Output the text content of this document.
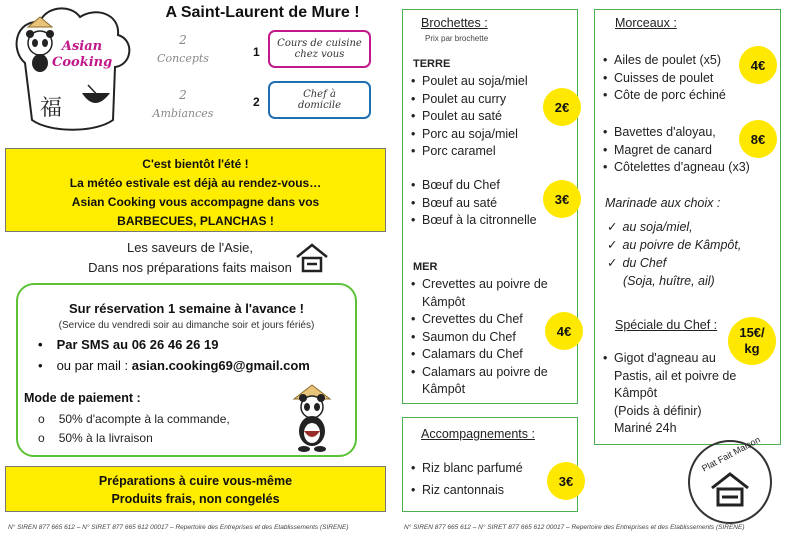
Asian
Cooking
福
A Saint-Laurent de Mure !
2
Concepts
2
Ambiances
1
Cours de cuisine chez vous
2
Chef à domicile
C'est bientôt l'été !
La météo estivale est déjà au rendez-vous…
Asian Cooking vous accompagne dans vos
BARBECUES, PLANCHAS !
Les saveurs de l'Asie,
Dans nos préparations faits maison
Sur réservation 1 semaine à l'avance !
(Service du vendredi soir au dimanche soir et jours fériés)
• Par SMS au 06 26 46 26 19
• ou par mail : asian.cooking69@gmail.com
Mode de paiement :
o 50% d'acompte à la commande,
o 50% à la livraison
Préparations à cuire vous-même
Produits frais, non congelés
N° SIREN 877 665 612 – N° SIRET 877 665 612 00017 – Repertoire des Entreprises et des Etablissements (SIRENE)
Brochettes :
Prix par brochette
TERRE
• Poulet au soja/miel
• Poulet au curry
• Poulet au saté
• Porc au soja/miel
• Porc caramel
2€
• Bœuf du Chef
• Bœuf au saté
• Bœuf à la citronnelle
3€
MER
• Crevettes au poivre de Kâmpôt
• Crevettes du Chef
• Saumon du Chef
• Calamars du Chef
• Calamars au poivre de Kâmpôt
4€
Accompagnements :
• Riz blanc parfumé
• Riz cantonnais
3€
N° SIREN 877 665 612 – N° SIRET 877 665 612 00017 – Repertoire des Entreprises et des Etablissements (SIRENE)
Morceaux :
• Ailes de poulet (x5)
• Cuisses de poulet
• Côte de porc échiné
4€
• Bavettes d'aloyau,
• Magret de canard
• Côtelettes d'agneau (x3)
8€
Marinade aux choix :
✓ au soja/miel,
✓ au poivre de Kâmpôt,
✓ du Chef
(Soja, huître, ail)
Spéciale du Chef :	15€/ kg
• Gigot d'agneau au Pastis, ail et poivre de Kâmpôt
(Poids à définir)
Mariné 24h
Plat Fait Maison
